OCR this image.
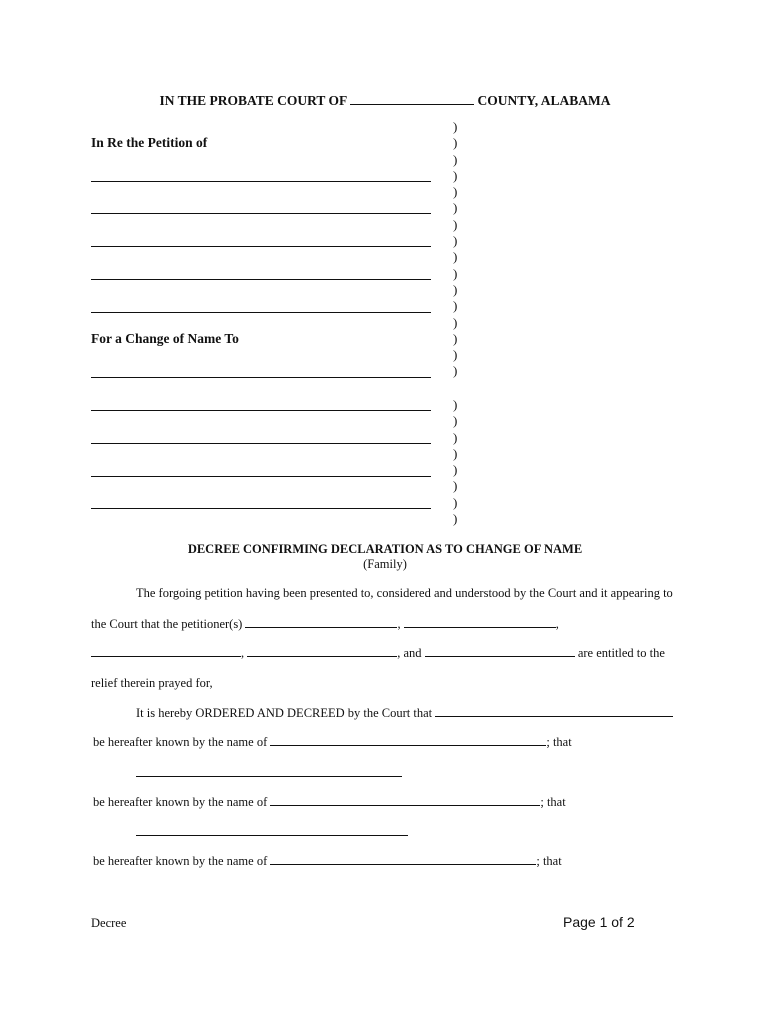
IN THE PROBATE COURT OF	COUNTY, ALABAMA
In Re the Petition of
For a Change of Name To
)
)
)
)
)
)
)
)
)
)
)
)
)
)
)
)
)
)
)
)
)
)
)
)
DECREE CONFIRMING DECLARATION AS TO CHANGE OF NAME
(Family)
The forgoing petition having been presented to, considered and understood by the Court and it appearing to
the Court that the petitioner(s)	,	,
,	, and	are entitled to the
relief therein prayed for,
It is hereby ORDERED AND DECREED by the Court that
be hereafter known by the name of	; that
be hereafter known by the name of	; that
be hereafter known by the name of	; that
Decree	Page 1 of 2
